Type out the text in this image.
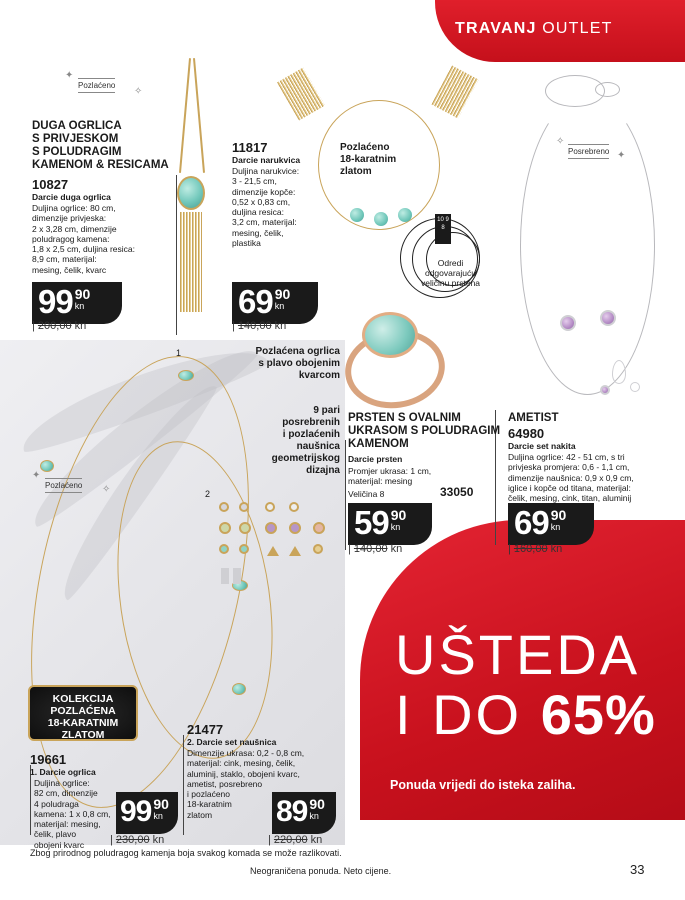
TRAVANJ OUTLET
UŠTEDA
I DO 65%
Ponuda vrijedi do isteka zaliha.
1
2
KOLEKCIJA
POZLAĆENA
18-KARATNIM
ZLATOM
✦
Pozlaćeno
✧
DUGA OGRLICA
S PRIVJESKOM
S POLUDRAGIM
KAMENOM & RESICAMA
10827
Darcie duga ogrlica
Duljina ogrlice: 80 cm,
dimenzije privjeska:
2 x 3,28 cm, dimenzije
poludragog kamena:
1,8 x 2,5 cm, duljina resica:
8,9 cm, materijal:
mesing, čelik, kvarc
99 90
kn
| 200,00 kn
Pozlaćeno
18-karatnim
zlatom
11817
Darcie narukvica
Duljina narukvice:
3 - 21,5 cm,
dimenzije kopče:
0,52 x 0,83 cm,
duljina resica:
3,2 cm, materijal:
mesing, čelik,
plastika
69 90
kn
| 140,00 kn
10 9 8
Odredi
odgovarajuću
veličinu prstena
PRSTEN S OVALNIM
UKRASOM S POLUDRAGIM
KAMENOM
Darcie prsten
Promjer ukrasa: 1 cm,
materijal: mesing
Veličina 8	33050
59 90
kn
| 140,00 kn
✧
Posrebreno ✦
AMETIST
64980
Darcie set nakita
Duljina ogrlice: 42 - 51 cm, s tri
privjeska promjera: 0,6 - 1,1 cm,
dimenzije naušnica: 0,9 x 0,9 cm,
iglice i kopče od titana, materijal:
čelik, mesing, cink, titan, aluminij
69 90
kn
| 160,00 kn
Pozlaćena ogrlica
s plavo obojenim
kvarcom
9 pari
posrebrenih
i pozlaćenih
naušnica
geometrijskog
dizajna
✦
Pozlaćeno ✧
19661
1. Darcie ogrlica
Duljina ogrlice:
82 cm, dimenzije
4 poludraga
kamena: 1 x 0,8 cm,
materijal: mesing,
čelik, plavo
obojeni kvarc
99 90
kn
| 230,00 kn
21477
2. Darcie set naušnica
Dimenzije ukrasa: 0,2 - 0,8 cm,
materijal: cink, mesing, čelik,
aluminij, staklo, obojeni kvarc,
ametist, posrebreno
i pozlaćeno
18-karatnim
zlatom	89 90
kn
| 220,00 kn
Zbog prirodnog poludragog kamenja boja svakog komada se može razlikovati.
Neograničena ponuda. Neto cijene.	33
